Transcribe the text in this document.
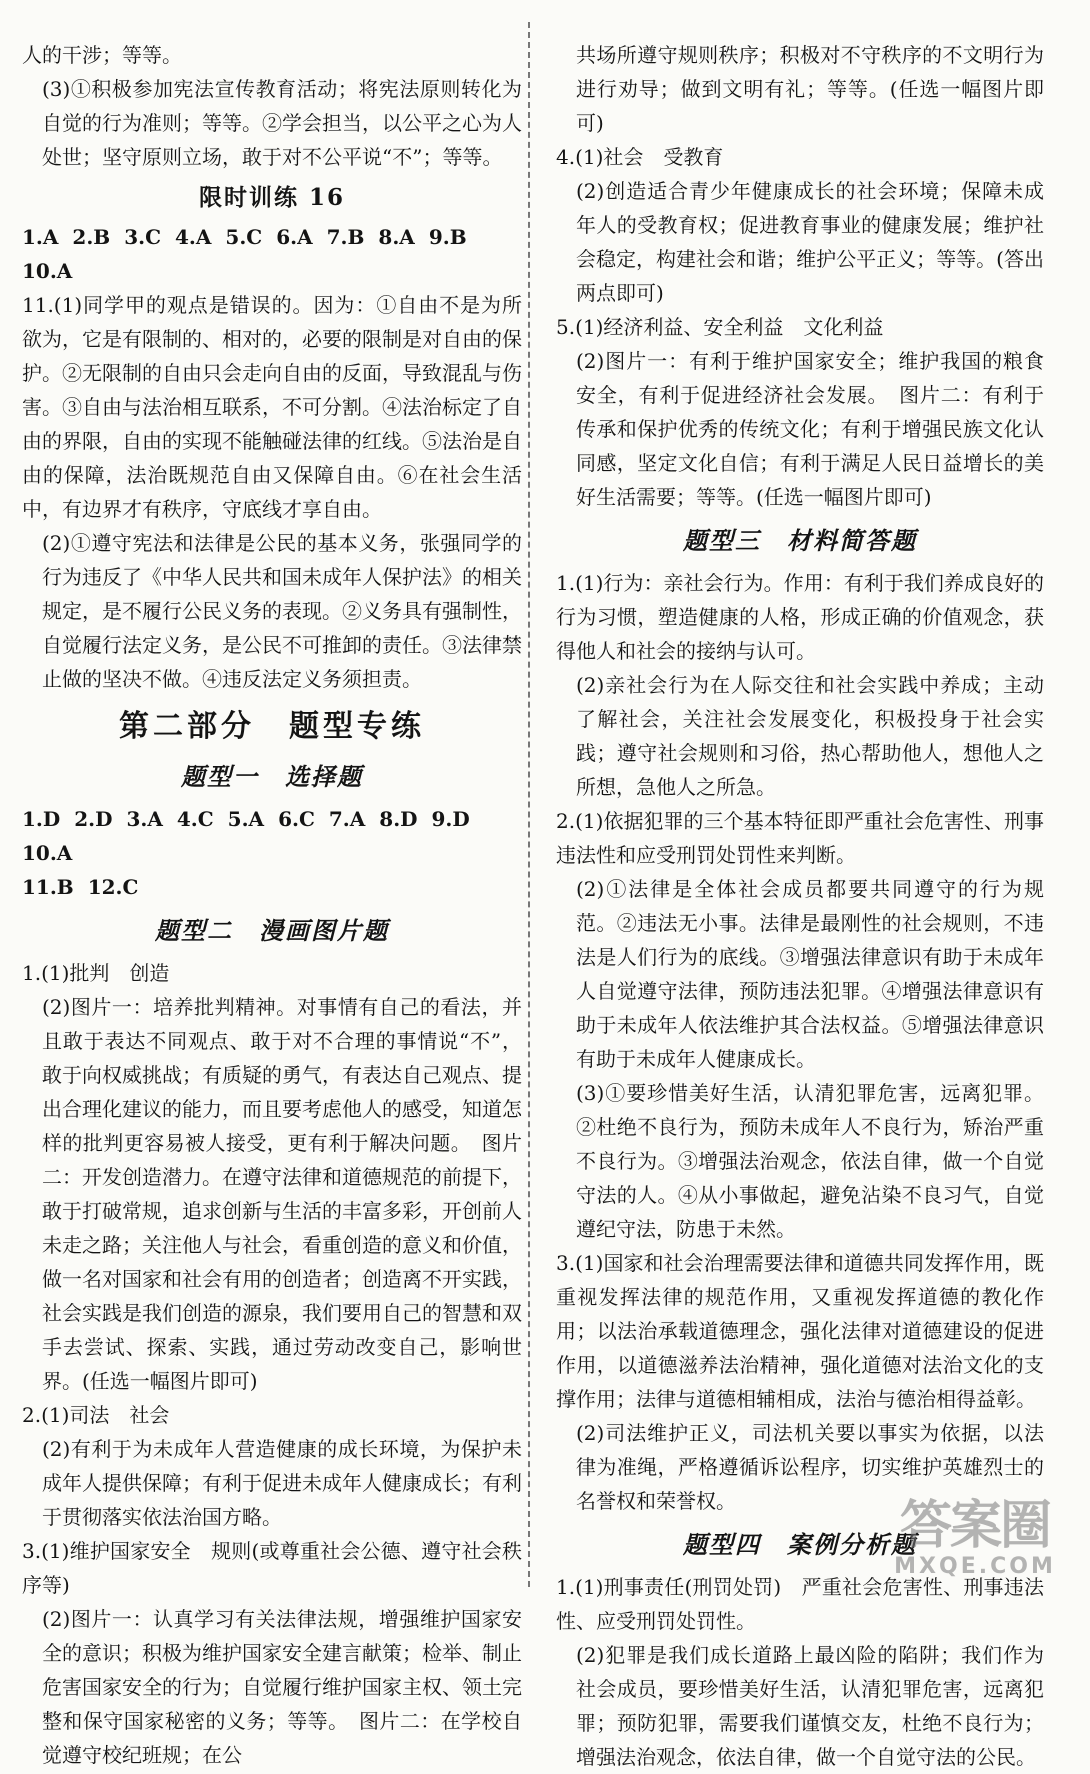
人的干涉；等等。

(3)①积极参加宪法宣传教育活动；将宪法原则转化为自觉的行为准则；等等。②学会担当，以公平之心为人处世；坚守原则立场，敢于对不公平说“不”；等等。

限时训练 16
1.A 2.B 3.C 4.A 5.C 6.A 7.B 8.A 9.B10.A

11.(1)同学甲的观点是错误的。因为：①自由不是为所欲为，它是有限制的、相对的，必要的限制是对自由的保护。②无限制的自由只会走向自由的反面，导致混乱与伤害。③自由与法治相互联系，不可分割。④法治标定了自由的界限，自由的实现不能触碰法律的红线。⑤法治是自由的保障，法治既规范自由又保障自由。⑥在社会生活中，有边界才有秩序，守底线才享自由。

(2)①遵守宪法和法律是公民的基本义务，张强同学的行为违反了《中华人民共和国未成年人保护法》的相关规定，是不履行公民义务的表现。②义务具有强制性，自觉履行法定义务，是公民不可推卸的责任。③法律禁止做的坚决不做。④违反法定义务须担责。

第二部分　题型专练
题型一　选择题
1.D 2.D 3.A 4.C 5.A 6.C 7.A 8.D 9.D10.A
11.B 12.C
题型二　漫画图片题

1.(1)批判　创造

(2)图片一：培养批判精神。对事情有自己的看法，并且敢于表达不同观点、敢于对不合理的事情说“不”，敢于向权威挑战；有质疑的勇气，有表达自己观点、提出合理化建议的能力，而且要考虑他人的感受，知道怎样的批判更容易被人接受，更有利于解决问题。　图片二：开发创造潜力。在遵守法律和道德规范的前提下，敢于打破常规，追求创新与生活的丰富多彩，开创前人未走之路；关注他人与社会，看重创造的意义和价值，做一名对国家和社会有用的创造者；创造离不开实践，社会实践是我们创造的源泉，我们要用自己的智慧和双手去尝试、探索、实践，通过劳动改变自己，影响世界。(任选一幅图片即可)

2.(1)司法　社会

(2)有利于为未成年人营造健康的成长环境，为保护未成年人提供保障；有利于促进未成年人健康成长；有利于贯彻落实依法治国方略。

3.(1)维护国家安全　规则(或尊重社会公德、遵守社会秩序等)

(2)图片一：认真学习有关法律法规，增强维护国家安全的意识；积极为维护国家安全建言献策；检举、制止危害国家安全的行为；自觉履行维护国家主权、领土完整和保守国家秘密的义务；等等。　图片二：在学校自觉遵守校纪班规；在公

共场所遵守规则秩序；积极对不守秩序的不文明行为进行劝导；做到文明有礼；等等。(任选一幅图片即可)

4.(1)社会　受教育

(2)创造适合青少年健康成长的社会环境；保障未成年人的受教育权；促进教育事业的健康发展；维护社会稳定，构建社会和谐；维护公平正义；等等。(答出两点即可)

5.(1)经济利益、安全利益　文化利益

(2)图片一：有利于维护国家安全；维护我国的粮食安全，有利于促进经济社会发展。　图片二：有利于传承和保护优秀的传统文化；有利于增强民族文化认同感，坚定文化自信；有利于满足人民日益增长的美好生活需要；等等。(任选一幅图片即可)

题型三　材料简答题

1.(1)行为：亲社会行为。作用：有利于我们养成良好的行为习惯，塑造健康的人格，形成正确的价值观念，获得他人和社会的接纳与认可。

(2)亲社会行为在人际交往和社会实践中养成；主动了解社会，关注社会发展变化，积极投身于社会实践；遵守社会规则和习俗，热心帮助他人，想他人之所想，急他人之所急。

2.(1)依据犯罪的三个基本特征即严重社会危害性、刑事违法性和应受刑罚处罚性来判断。

(2)①法律是全体社会成员都要共同遵守的行为规范。②违法无小事。法律是最刚性的社会规则，不违法是人们行为的底线。③增强法律意识有助于未成年人自觉遵守法律，预防违法犯罪。④增强法律意识有助于未成年人依法维护其合法权益。⑤增强法律意识有助于未成年人健康成长。

(3)①要珍惜美好生活，认清犯罪危害，远离犯罪。②杜绝不良行为，预防未成年人不良行为，矫治严重不良行为。③增强法治观念，依法自律，做一个自觉守法的人。④从小事做起，避免沾染不良习气，自觉遵纪守法，防患于未然。

3.(1)国家和社会治理需要法律和道德共同发挥作用，既重视发挥法律的规范作用，又重视发挥道德的教化作用；以法治承载道德理念，强化法律对道德建设的促进作用，以道德滋养法治精神，强化道德对法治文化的支撑作用；法律与道德相辅相成，法治与德治相得益彰。

(2)司法维护正义，司法机关要以事实为依据，以法律为准绳，严格遵循诉讼程序，切实维护英雄烈士的名誉权和荣誉权。

题型四　案例分析题

1.(1)刑事责任(刑罚处罚)　严重社会危害性、刑事违法性、应受刑罚处罚性。

(2)犯罪是我们成长道路上最凶险的陷阱；我们作为社会成员，要珍惜美好生活，认清犯罪危害，远离犯罪；预防犯罪，需要我们谨慎交友，杜绝不良行为；增强法治观念，依法自律，做一个自觉守法的公民。

答案圈
MXQE.COM
